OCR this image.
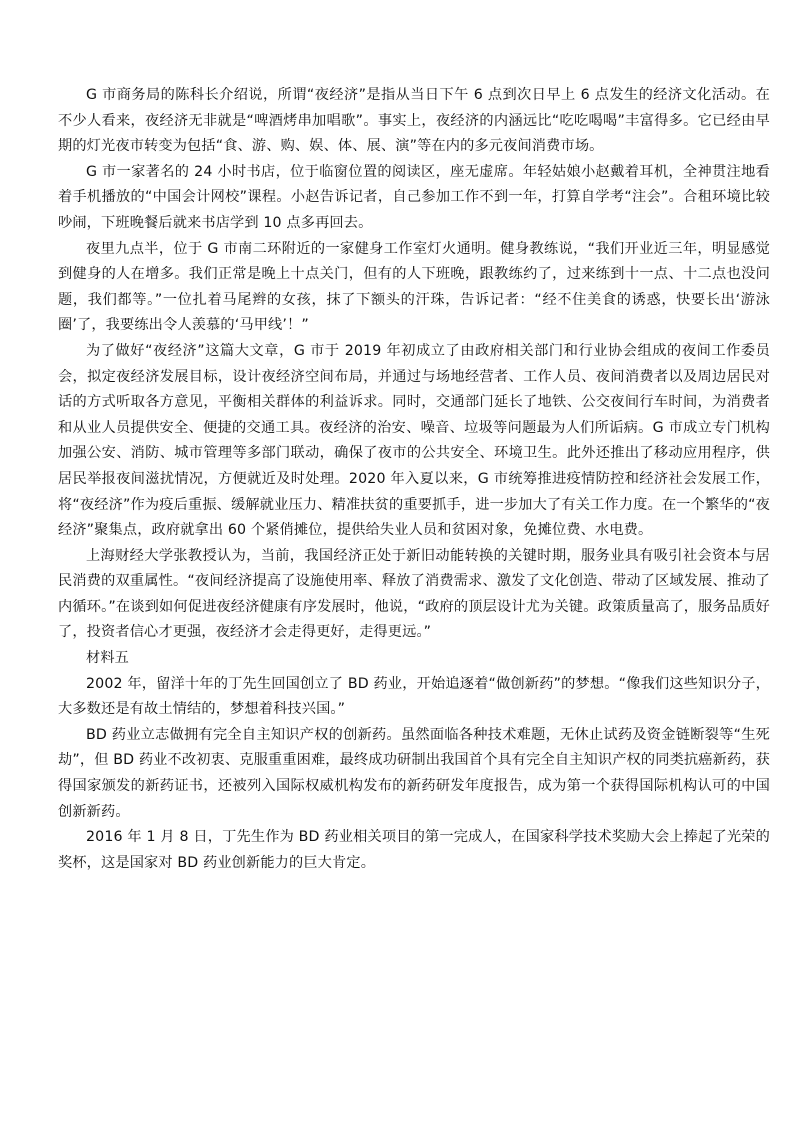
G 市商务局的陈科长介绍说，所谓“夜经济”是指从当日下午 6 点到次日早上 6 点发生的经济文化活动。在不少人看来，夜经济无非就是“啤酒烤串加唱歌”。事实上，夜经济的内涵远比“吃吃喝喝”丰富得多。它已经由早期的灯光夜市转变为包括“食、游、购、娱、体、展、演”等在内的多元夜间消费市场。

G 市一家著名的 24 小时书店，位于临窗位置的阅读区，座无虚席。年轻姑娘小赵戴着耳机，全神贯注地看着手机播放的“中国会计网校”课程。小赵告诉记者，自己参加工作不到一年，打算自学考“注会”。合租环境比较吵闹，下班晚餐后就来书店学到 10 点多再回去。

夜里九点半，位于 G 市南二环附近的一家健身工作室灯火通明。健身教练说，“我们开业近三年，明显感觉到健身的人在增多。我们正常是晚上十点关门，但有的人下班晚，跟教练约了，过来练到十一点、十二点也没问题，我们都等。”一位扎着马尾辫的女孩，抹了下额头的汗珠，告诉记者：“经不住美食的诱惑，快要长出‘游泳圈’了，我要练出令人羡慕的‘马甲线’！”

为了做好“夜经济”这篇大文章，G 市于 2019 年初成立了由政府相关部门和行业协会组成的夜间工作委员会，拟定夜经济发展目标，设计夜经济空间布局，并通过与场地经营者、工作人员、夜间消费者以及周边居民对话的方式听取各方意见，平衡相关群体的利益诉求。同时，交通部门延长了地铁、公交夜间行车时间，为消费者和从业人员提供安全、便捷的交通工具。夜经济的治安、噪音、垃圾等问题最为人们所诟病。G 市成立专门机构加强公安、消防、城市管理等多部门联动，确保了夜市的公共安全、环境卫生。此外还推出了移动应用程序，供居民举报夜间滋扰情况，方便就近及时处理。2020 年入夏以来，G 市统筹推进疫情防控和经济社会发展工作，将“夜经济”作为疫后重振、缓解就业压力、精准扶贫的重要抓手，进一步加大了有关工作力度。在一个繁华的“夜经济”聚集点，政府就拿出 60 个紧俏摊位，提供给失业人员和贫困对象，免摊位费、水电费。

上海财经大学张教授认为，当前，我国经济正处于新旧动能转换的关键时期，服务业具有吸引社会资本与居民消费的双重属性。“夜间经济提高了设施使用率、释放了消费需求、激发了文化创造、带动了区域发展、推动了内循环。”在谈到如何促进夜经济健康有序发展时，他说，“政府的顶层设计尤为关键。政策质量高了，服务品质好了，投资者信心才更强，夜经济才会走得更好，走得更远。”

材料五

2002 年，留洋十年的丁先生回国创立了 BD 药业，开始追逐着“做创新药”的梦想。“像我们这些知识分子，大多数还是有故土情结的，梦想着科技兴国。”

BD 药业立志做拥有完全自主知识产权的创新药。虽然面临各种技术难题，无休止试药及资金链断裂等“生死劫”，但 BD 药业不改初衷、克服重重困难，最终成功研制出我国首个具有完全自主知识产权的同类抗癌新药，获得国家颁发的新药证书，还被列入国际权威机构发布的新药研发年度报告，成为第一个获得国际机构认可的中国创新新药。

2016 年 1 月 8 日，丁先生作为 BD 药业相关项目的第一完成人，在国家科学技术奖励大会上捧起了光荣的奖杯，这是国家对 BD 药业创新能力的巨大肯定。
